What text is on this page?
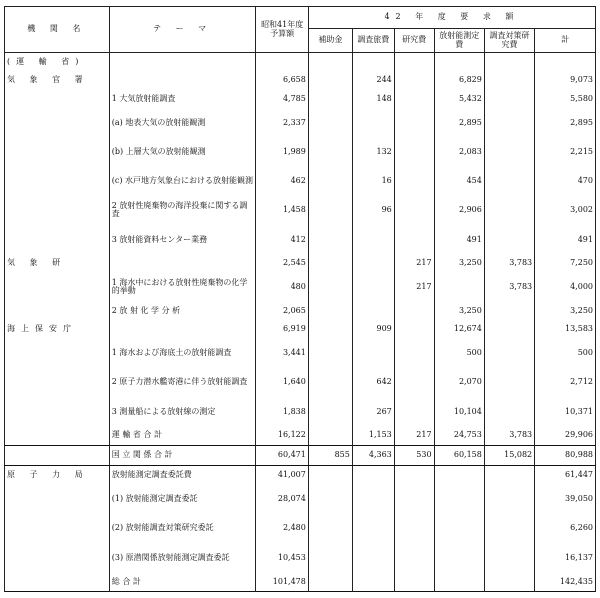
機 関 名	テ ー マ	昭和41年度予算額	42 年 度 要 求 額					
			補助金	調査旅費	研究費	放射能測定費	調査対策研究費	計
(運 輸 省)								
気 象 官 署		6,658		244		6,829		9,073
	1 大気放射能調査	4,785		148		5,432		5,580
	(a) 地表大気の放射能観測	2,337				2,895		2,895
	(b) 上層大気の放射能観測	1,989		132		2,083		2,215
	(c) 水戸地方気象台における放射能観測	462		16		454		470
	2 放射性廃棄物の海洋投棄に関する調査	1,458		96		2,906		3,002
	3 放射能資料センター業務	412				491		491
気 象 研		2,545			217	3,250	3,783	7,250
	1 海水中における放射性廃棄物の化学的挙動	480			217		3,783	4,000
	2 放 射 化 学 分 析	2,065				3,250		3,250
海上保安庁		6,919		909		12,674		13,583
	1 海水および海底土の放射能調査	3,441				500		500
	2 原子力潜水艦寄港に伴う放射能調査	1,640		642		2,070		2,712
	3 測量船による放射線の測定	1,838		267		10,104		10,371
	運 輸 省 合 計	16,122		1,153	217	24,753	3,783	29,906
	国 立 関 係 合 計	60,471	855	4,363	530	60,158	15,082	80,988
原 子 力 局	放射能測定調査委託費	41,007						61,447
	(1) 放射能測定調査委託	28,074						39,050
	(2) 放射能調査対策研究委託	2,480						6,260
	(3) 原潜関係放射能測定調査委託	10,453						16,137
	総 合 計	101,478						142,435
